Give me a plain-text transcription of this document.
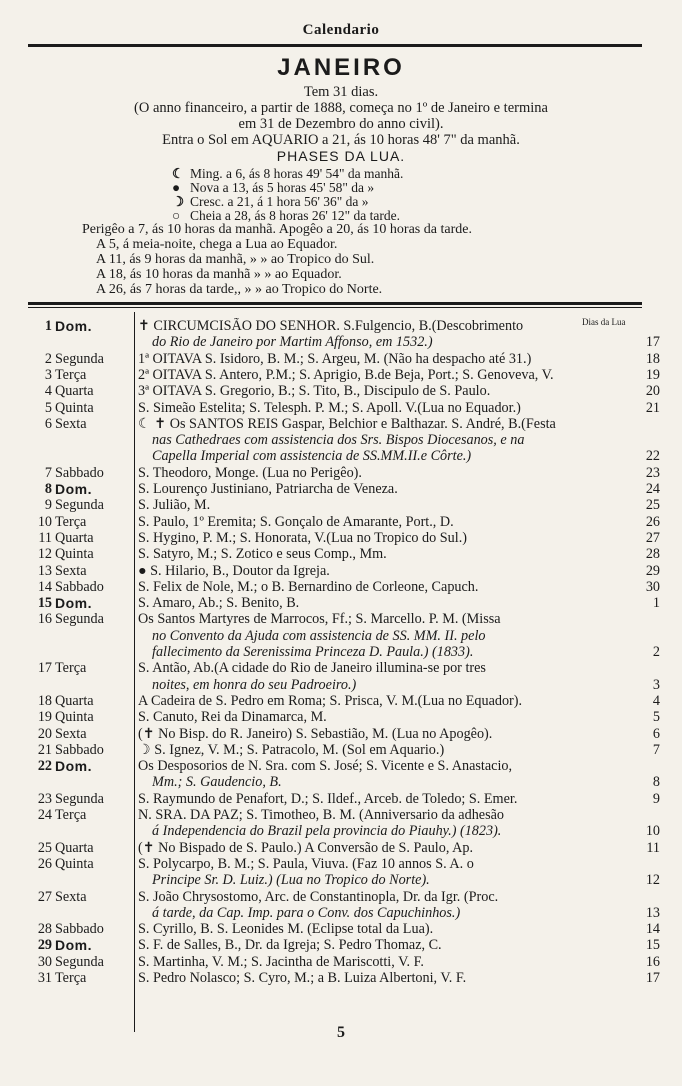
Calendario
JANEIRO
Tem 31 dias.
(O anno financeiro, a partir de 1888, começa no 1º de Janeiro e termina
em 31 de Dezembro do anno civil).
Entra o Sol em AQUARIO a 21, ás 10 horas 48' 7" da manhã.
PHASES DA LUA.
☾ Ming. a 6, ás 8 horas 49' 54" da manhã.
● Nova a 13, ás 5 horas 45' 58" da »
☽ Cresc. a 21, á 1 hora 56' 36" da »
○ Cheia a 28, ás 8 horas 26' 12" da tarde.
Perigêo a 7, ás 10 horas da manhã. Apogêo a 20, ás 10 horas da tarde.
A 5, á meia-noite, chega a Lua ao Equador.
A 11, ás 9 horas da manhã, » » ao Tropico do Sul.
A 18, ás 10 horas da manhã » » ao Equador.
A 26, ás 7 horas da tarde,, » » ao Tropico do Norte.
Dias da Lua
1 Dom.	✝ CIRCUMCISÃO DO SENHOR. S.Fulgencio, B.(Descobrimento
do Rio de Janeiro por Martim Affonso, em 1532.)	17
2 Segunda	1ª OITAVA S. Isidoro, B. M.; S. Argeu, M. (Não ha despacho até 31.)	18
3 Terça	2ª OITAVA S. Antero, P.M.; S. Aprigio, B.de Beja, Port.; S. Genoveva, V.	19
4 Quarta	3ª OITAVA S. Gregorio, B.; S. Tito, B., Discipulo de S. Paulo.	20
5 Quinta	S. Simeão Estelita; S. Telesph. P. M.; S. Apoll. V.(Lua no Equador.)	21
6 Sexta	☾ ✝ Os SANTOS REIS Gaspar, Belchior e Balthazar. S. André, B.(Festa
nas Cathedraes com assistencia dos Srs. Bispos Diocesanos, e na
Capella Imperial com assistencia de SS.MM.II.e Côrte.)	22
7 Sabbado	S. Theodoro, Monge. (Lua no Perigêo).	23
8 Dom.	S. Lourenço Justiniano, Patriarcha de Veneza.	24
9 Segunda	S. Julião, M.	25
10 Terça	S. Paulo, 1º Eremita; S. Gonçalo de Amarante, Port., D.	26
11 Quarta	S. Hygino, P. M.; S. Honorata, V.(Lua no Tropico do Sul.)	27
12 Quinta	S. Satyro, M.; S. Zotico e seus Comp., Mm.	28
13 Sexta	● S. Hilario, B., Doutor da Igreja.	29
14 Sabbado	S. Felix de Nole, M.; o B. Bernardino de Corleone, Capuch.	30
15 Dom.	S. Amaro, Ab.; S. Benito, B.	1
16 Segunda	Os Santos Martyres de Marrocos, Ff.; S. Marcello. P. M. (Missa
no Convento da Ajuda com assistencia de SS. MM. II. pelo
fallecimento da Serenissima Princeza D. Paula.) (1833).	2
17 Terça	S. Antão, Ab.(A cidade do Rio de Janeiro illumina-se por tres
noites, em honra do seu Padroeiro.)	3
18 Quarta	A Cadeira de S. Pedro em Roma; S. Prisca, V. M.(Lua no Equador).	4
19 Quinta	S. Canuto, Rei da Dinamarca, M.	5
20 Sexta	(✝ No Bisp. do R. Janeiro) S. Sebastião, M. (Lua no Apogêo).	6
21 Sabbado	☽ S. Ignez, V. M.; S. Patracolo, M. (Sol em Aquario.)	7
22 Dom.	Os Desposorios de N. Sra. com S. José; S. Vicente e S. Anastacio,
Mm.; S. Gaudencio, B.	8
23 Segunda	S. Raymundo de Penafort, D.; S. Ildef., Arceb. de Toledo; S. Emer.	9
24 Terça	N. SRA. DA PAZ; S. Timotheo, B. M. (Anniversario da adhesão
á Independencia do Brazil pela provincia do Piauhy.) (1823).	10
25 Quarta	(✝ No Bispado de S. Paulo.) A Conversão de S. Paulo, Ap.	11
26 Quinta	S. Polycarpo, B. M.; S. Paula, Viuva. (Faz 10 annos S. A. o
Principe Sr. D. Luiz.) (Lua no Tropico do Norte).	12
27 Sexta	S. João Chrysostomo, Arc. de Constantinopla, Dr. da Igr. (Proc.
á tarde, da Cap. Imp. para o Conv. dos Capuchinhos.)	13
28 Sabbado	S. Cyrillo, B. S. Leonides M. (Eclipse total da Lua).	14
29 Dom.	S. F. de Salles, B., Dr. da Igreja; S. Pedro Thomaz, C.	15
30 Segunda	S. Martinha, V. M.; S. Jacintha de Mariscotti, V. F.	16
31 Terça	S. Pedro Nolasco; S. Cyro, M.; a B. Luiza Albertoni, V. F.	17
5
